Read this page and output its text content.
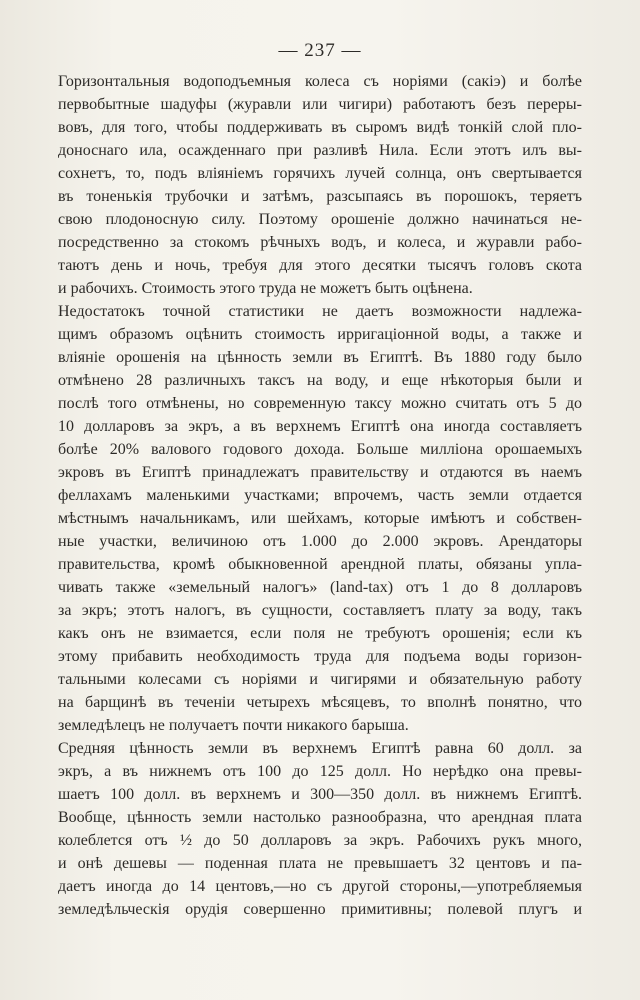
— 237 —
Горизонтальныя водоподъемныя колеса съ норіями (сакіэ) и болѣе
первобытные шадуфы (журавли или чигири) работаютъ безъ переры-
вовъ, для того, чтобы поддерживать въ сыромъ видѣ тонкій слой пло-
доноснаго ила, осажденнаго при разливѣ Нила. Если этотъ илъ вы-
сохнетъ, то, подъ вліяніемъ горячихъ лучей солнца, онъ свертывается
въ тоненькія трубочки и затѣмъ, разсыпаясь въ порошокъ, теряетъ
свою плодоносную силу. Поэтому орошеніе должно начинаться не-
посредственно за стокомъ рѣчныхъ водъ, и колеса, и журавли рабо-
таютъ день и ночь, требуя для этого десятки тысячъ головъ скота
и рабочихъ. Стоимость этого труда не можетъ быть оцѣнена.
Недостатокъ точной статистики не даетъ возможности надлежа-
щимъ образомъ оцѣнить стоимость ирригаціонной воды, а также и
вліяніе орошенія на цѣнность земли въ Египтѣ. Въ 1880 году было
отмѣнено 28 различныхъ таксъ на воду, и еще нѣкоторыя были и
послѣ того отмѣнены, но современную таксу можно считать отъ 5 до
10 долларовъ за экръ, а въ верхнемъ Египтѣ она иногда составляетъ
болѣе 20% валового годового дохода. Больше милліона орошаемыхъ
экровъ въ Египтѣ принадлежатъ правительству и отдаются въ наемъ
феллахамъ маленькими участками; впрочемъ, часть земли отдается
мѣстнымъ начальникамъ, или шейхамъ, которые имѣютъ и собствен-
ные участки, величиною отъ 1.000 до 2.000 экровъ. Арендаторы
правительства, кромѣ обыкновенной арендной платы, обязаны упла-
чивать также «земельный налогъ» (land-tax) отъ 1 до 8 долларовъ
за экръ; этотъ налогъ, въ сущности, составляетъ плату за воду, такъ
какъ онъ не взимается, если поля не требуютъ орошенія; если къ
этому прибавить необходимость труда для подъема воды горизон-
тальными колесами съ норіями и чигирями и обязательную работу
на барщинѣ въ теченіи четырехъ мѣсяцевъ, то вполнѣ понятно, что
земледѣлецъ не получаетъ почти никакого барыша.
Средняя цѣнность земли въ верхнемъ Египтѣ равна 60 долл. за
экръ, а въ нижнемъ отъ 100 до 125 долл. Но нерѣдко она превы-
шаетъ 100 долл. въ верхнемъ и 300—350 долл. въ нижнемъ Египтѣ.
Вообще, цѣнность земли настолько разнообразна, что арендная плата
колеблется отъ ½ до 50 долларовъ за экръ. Рабочихъ рукъ много,
и онѣ дешевы — поденная плата не превышаетъ 32 центовъ и па-
даетъ иногда до 14 центовъ,—но съ другой стороны,—употребляемыя
земледѣльческія орудія совершенно примитивны; полевой плугъ и
